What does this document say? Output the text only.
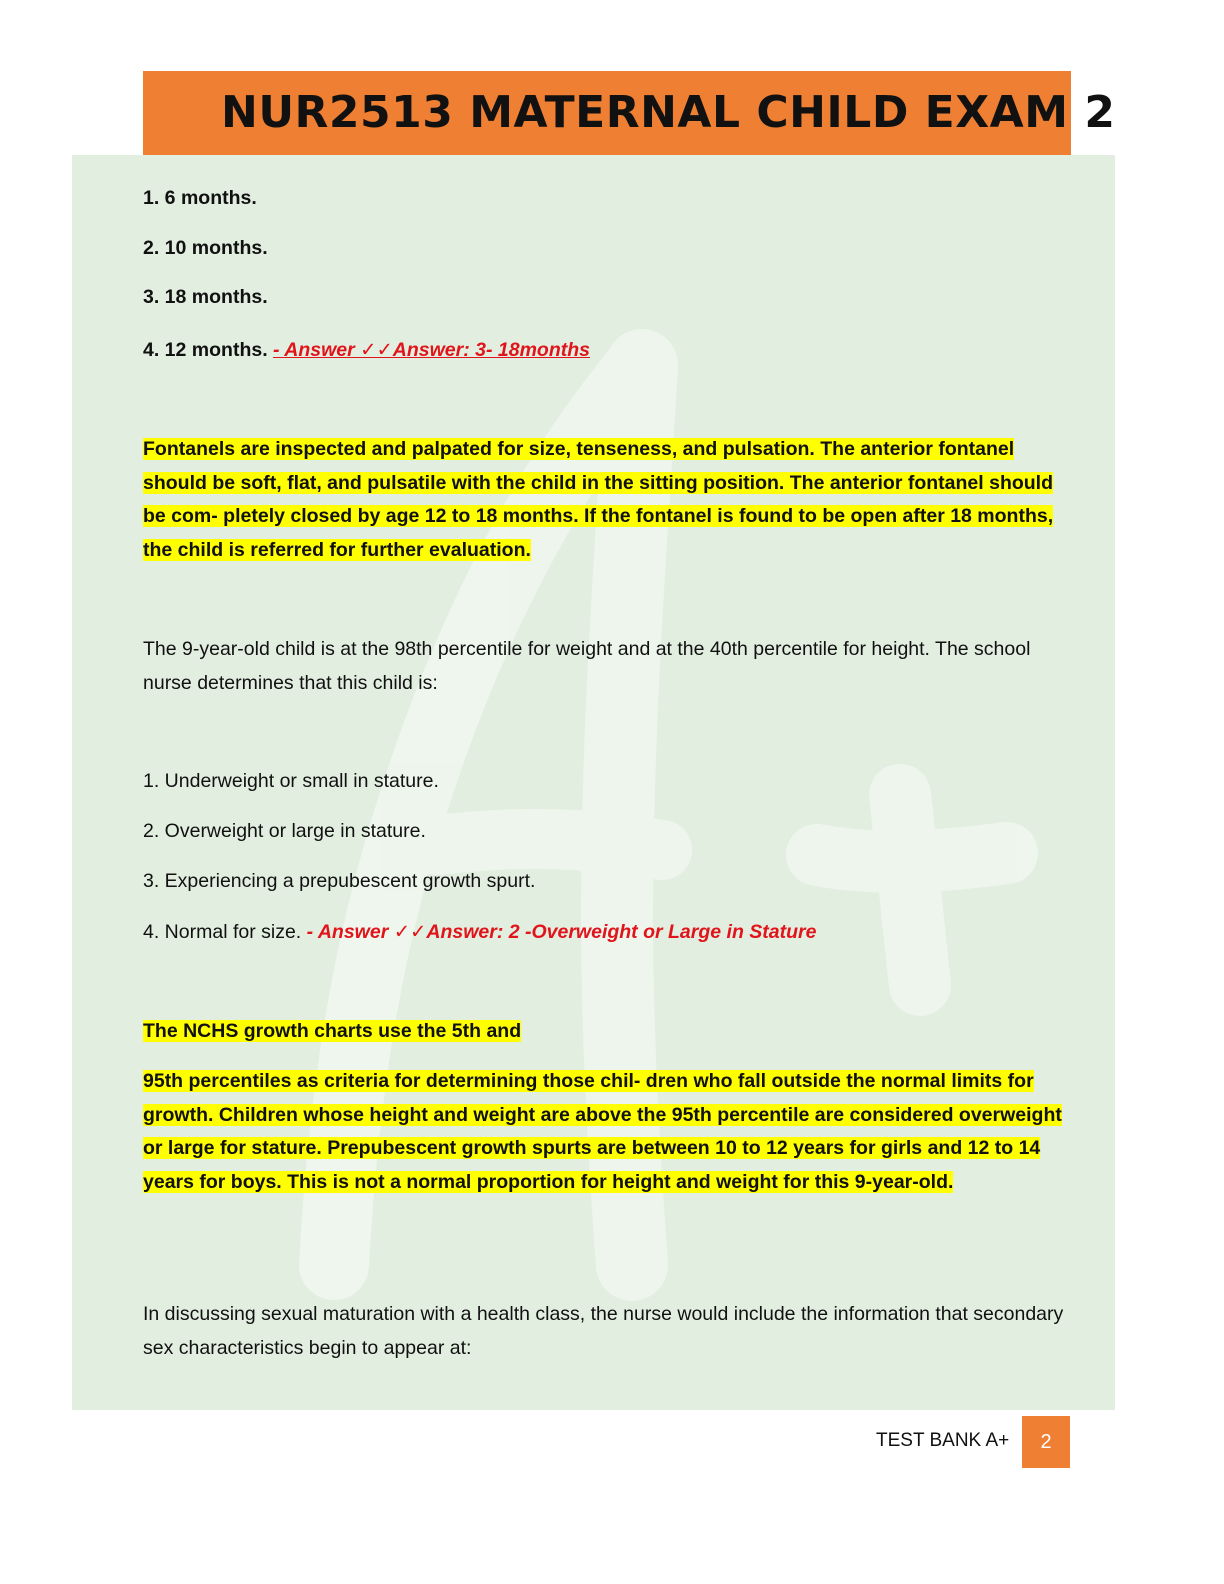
NUR2513 MATERNAL CHILD EXAM 2
1. 6 months.
2. 10 months.
3. 18 months.
4. 12 months. - Answer ✓✓Answer: 3- 18months
Fontanels are inspected and palpated for size, tenseness, and pulsation. The anterior fontanel should be soft, flat, and pulsatile with the child in the sitting position. The anterior fontanel should be com- pletely closed by age 12 to 18 months. If the fontanel is found to be open after 18 months, the child is referred for further evaluation.
The 9-year-old child is at the 98th percentile for weight and at the 40th percentile for height. The school nurse determines that this child is:
1. Underweight or small in stature.
2. Overweight or large in stature.
3. Experiencing a prepubescent growth spurt.
4. Normal for size. - Answer ✓✓Answer: 2 -Overweight or Large in Stature
The NCHS growth charts use the 5th and
95th percentiles as criteria for determining those chil- dren who fall outside the normal limits for growth. Children whose height and weight are above the 95th percentile are considered overweight or large for stature. Prepubescent growth spurts are between 10 to 12 years for girls and 12 to 14 years for boys. This is not a normal proportion for height and weight for this 9-year-old.
In discussing sexual maturation with a health class, the nurse would include the information that secondary sex characteristics begin to appear at:
TEST BANK A+	2
